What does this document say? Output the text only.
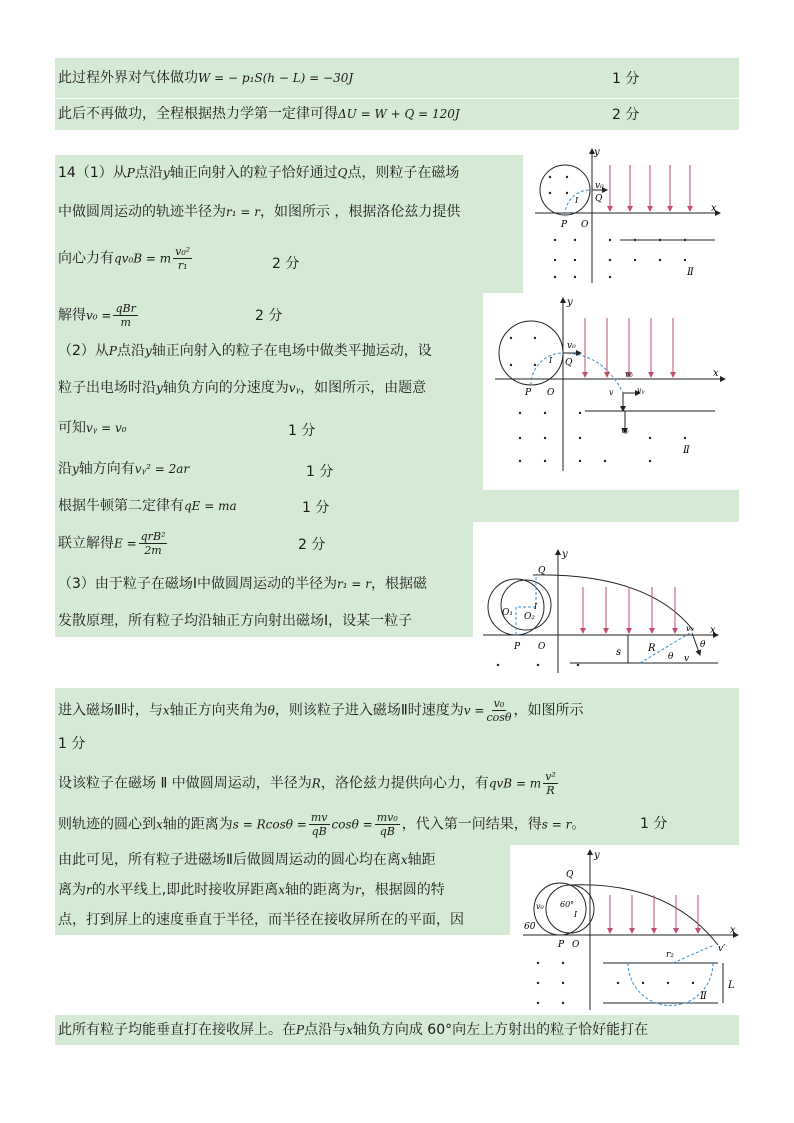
此过程外界对气体做功W = − p₁S(h − L) = −30J	1 分
此后不再做功，全程根据热力学第一定律可得ΔU = W + Q = 120J	2 分
14（1）从P点沿y轴正向射入的粒子恰好通过Q点，则粒子在磁场
中做圆周运动的轨迹半径为r₁ = r，如图所示 ，根据洛伦兹力提供
向心力有qv₀B = m $\frac{\text{v₀²}}{\text{r₁}}$	2 分
解得$v_0 = \frac{\text{qBr}}{m}$	2 分
（2）从P点沿y轴正向射入的粒子在电场中做类平抛运动，设
粒子出电场时沿y轴负方向的分速度为vᵧ，如图所示，由题意
可知vᵧ = v₀	1 分
沿y轴方向有vᵧ² = 2ar	1 分
根据牛顿第二定律有qE = ma	1 分
联立解得$E = \frac{\text{qrB²}}{2m}$	2 分
（3）由于粒子在磁场Ⅰ中做圆周运动的半径为r₁ = r，根据磁
发散原理，所有粒子均沿轴正方向射出磁场Ⅰ，设某一粒子
进入磁场Ⅱ时，与x轴正方向夹角为θ，则该粒子进入磁场Ⅱ时速度为$v = \frac{\text{v₀}}{\cos\theta}$ ，如图所示
1 分
设该粒子在磁场 Ⅱ 中做圆周运动，半径为R，洛伦兹力提供向心力，有qvB = m $\frac{\text{v²}}{R}$
则轨迹的圆心到x轴的距离为$s = Rcos\theta = \frac{mv}{qB}$ $\cos\theta = \frac{\text{mv₀}}{qB}$ ，代入第一问结果，得s = r。	1 分
由此可见，所有粒子进磁场Ⅱ后做圆周运动的圆心均在离x轴距
离为r的水平线上,即此时接收屏距离x轴的距离为r，根据圆的特
点，打到屏上的速度垂直于半径，而半径在接收屏所在的平面，因
此所有粒子均能垂直打在接收屏上。在P点沿与x轴负方向成 60°向左上方射出的粒子恰好能打在
y
x
v₀
Q
P O
I
Ⅱ
y
x
v₀
Q
P O
I
v₀
vᵧ
v
vᵧ
Ⅱ
y
x
Q
O₁ O₂
I
P O	s	R
θ
θ
v₀
v
y
x
Q
v₀ 60°
I
60
P O
r₂
v′
L
Ⅱ
